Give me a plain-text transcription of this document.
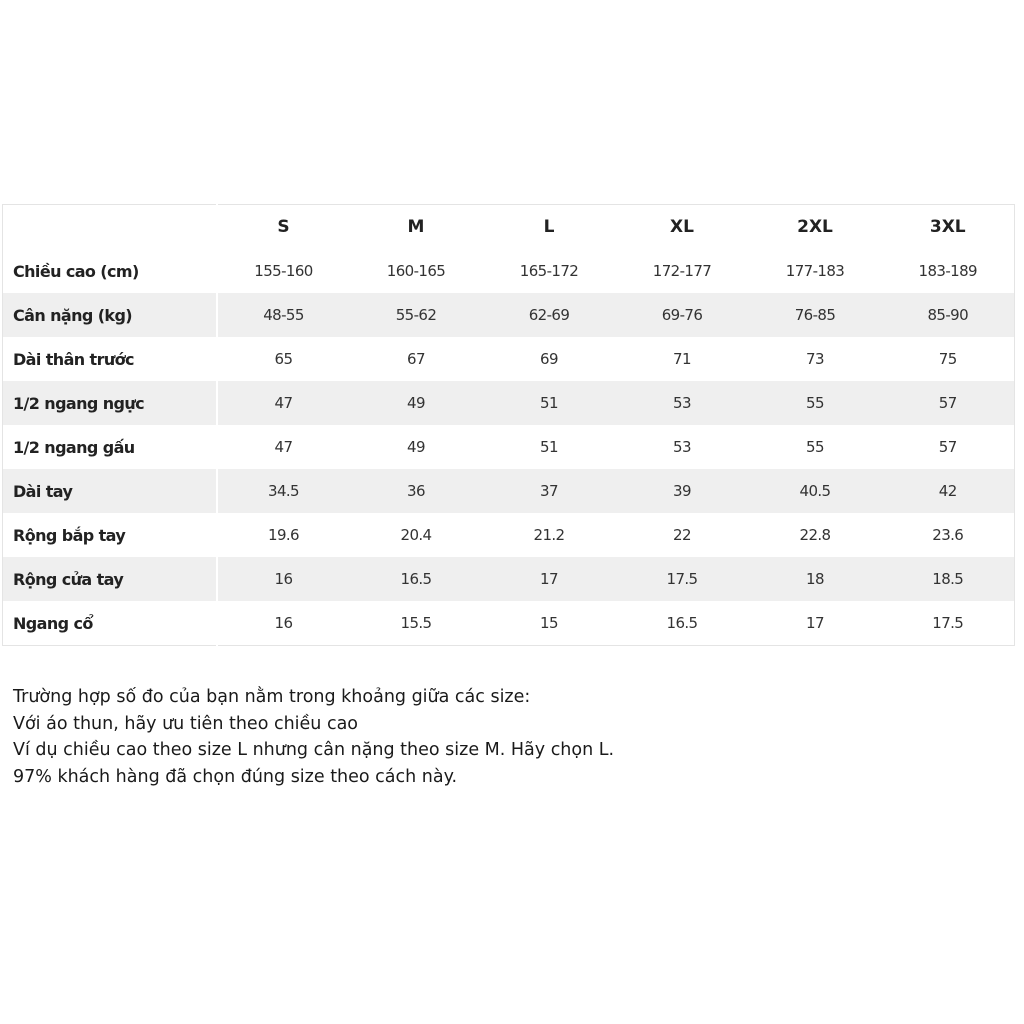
	S	M	L	XL	2XL	3XL
Chiều cao (cm)	155-160	160-165	165-172	172-177	177-183	183-189
Cân nặng (kg)	48-55	55-62	62-69	69-76	76-85	85-90
Dài thân trước	65	67	69	71	73	75
1/2 ngang ngực	47	49	51	53	55	57
1/2 ngang gấu	47	49	51	53	55	57
Dài tay	34.5	36	37	39	40.5	42
Rộng bắp tay	19.6	20.4	21.2	22	22.8	23.6
Rộng cửa tay	16	16.5	17	17.5	18	18.5
Ngang cổ	16	15.5	15	16.5	17	17.5

Trường hợp số đo của bạn nằm trong khoảng giữa các size:

Với áo thun, hãy ưu tiên theo chiều cao

Ví dụ chiều cao theo size L nhưng cân nặng theo size M. Hãy chọn L.

97% khách hàng đã chọn đúng size theo cách này.
